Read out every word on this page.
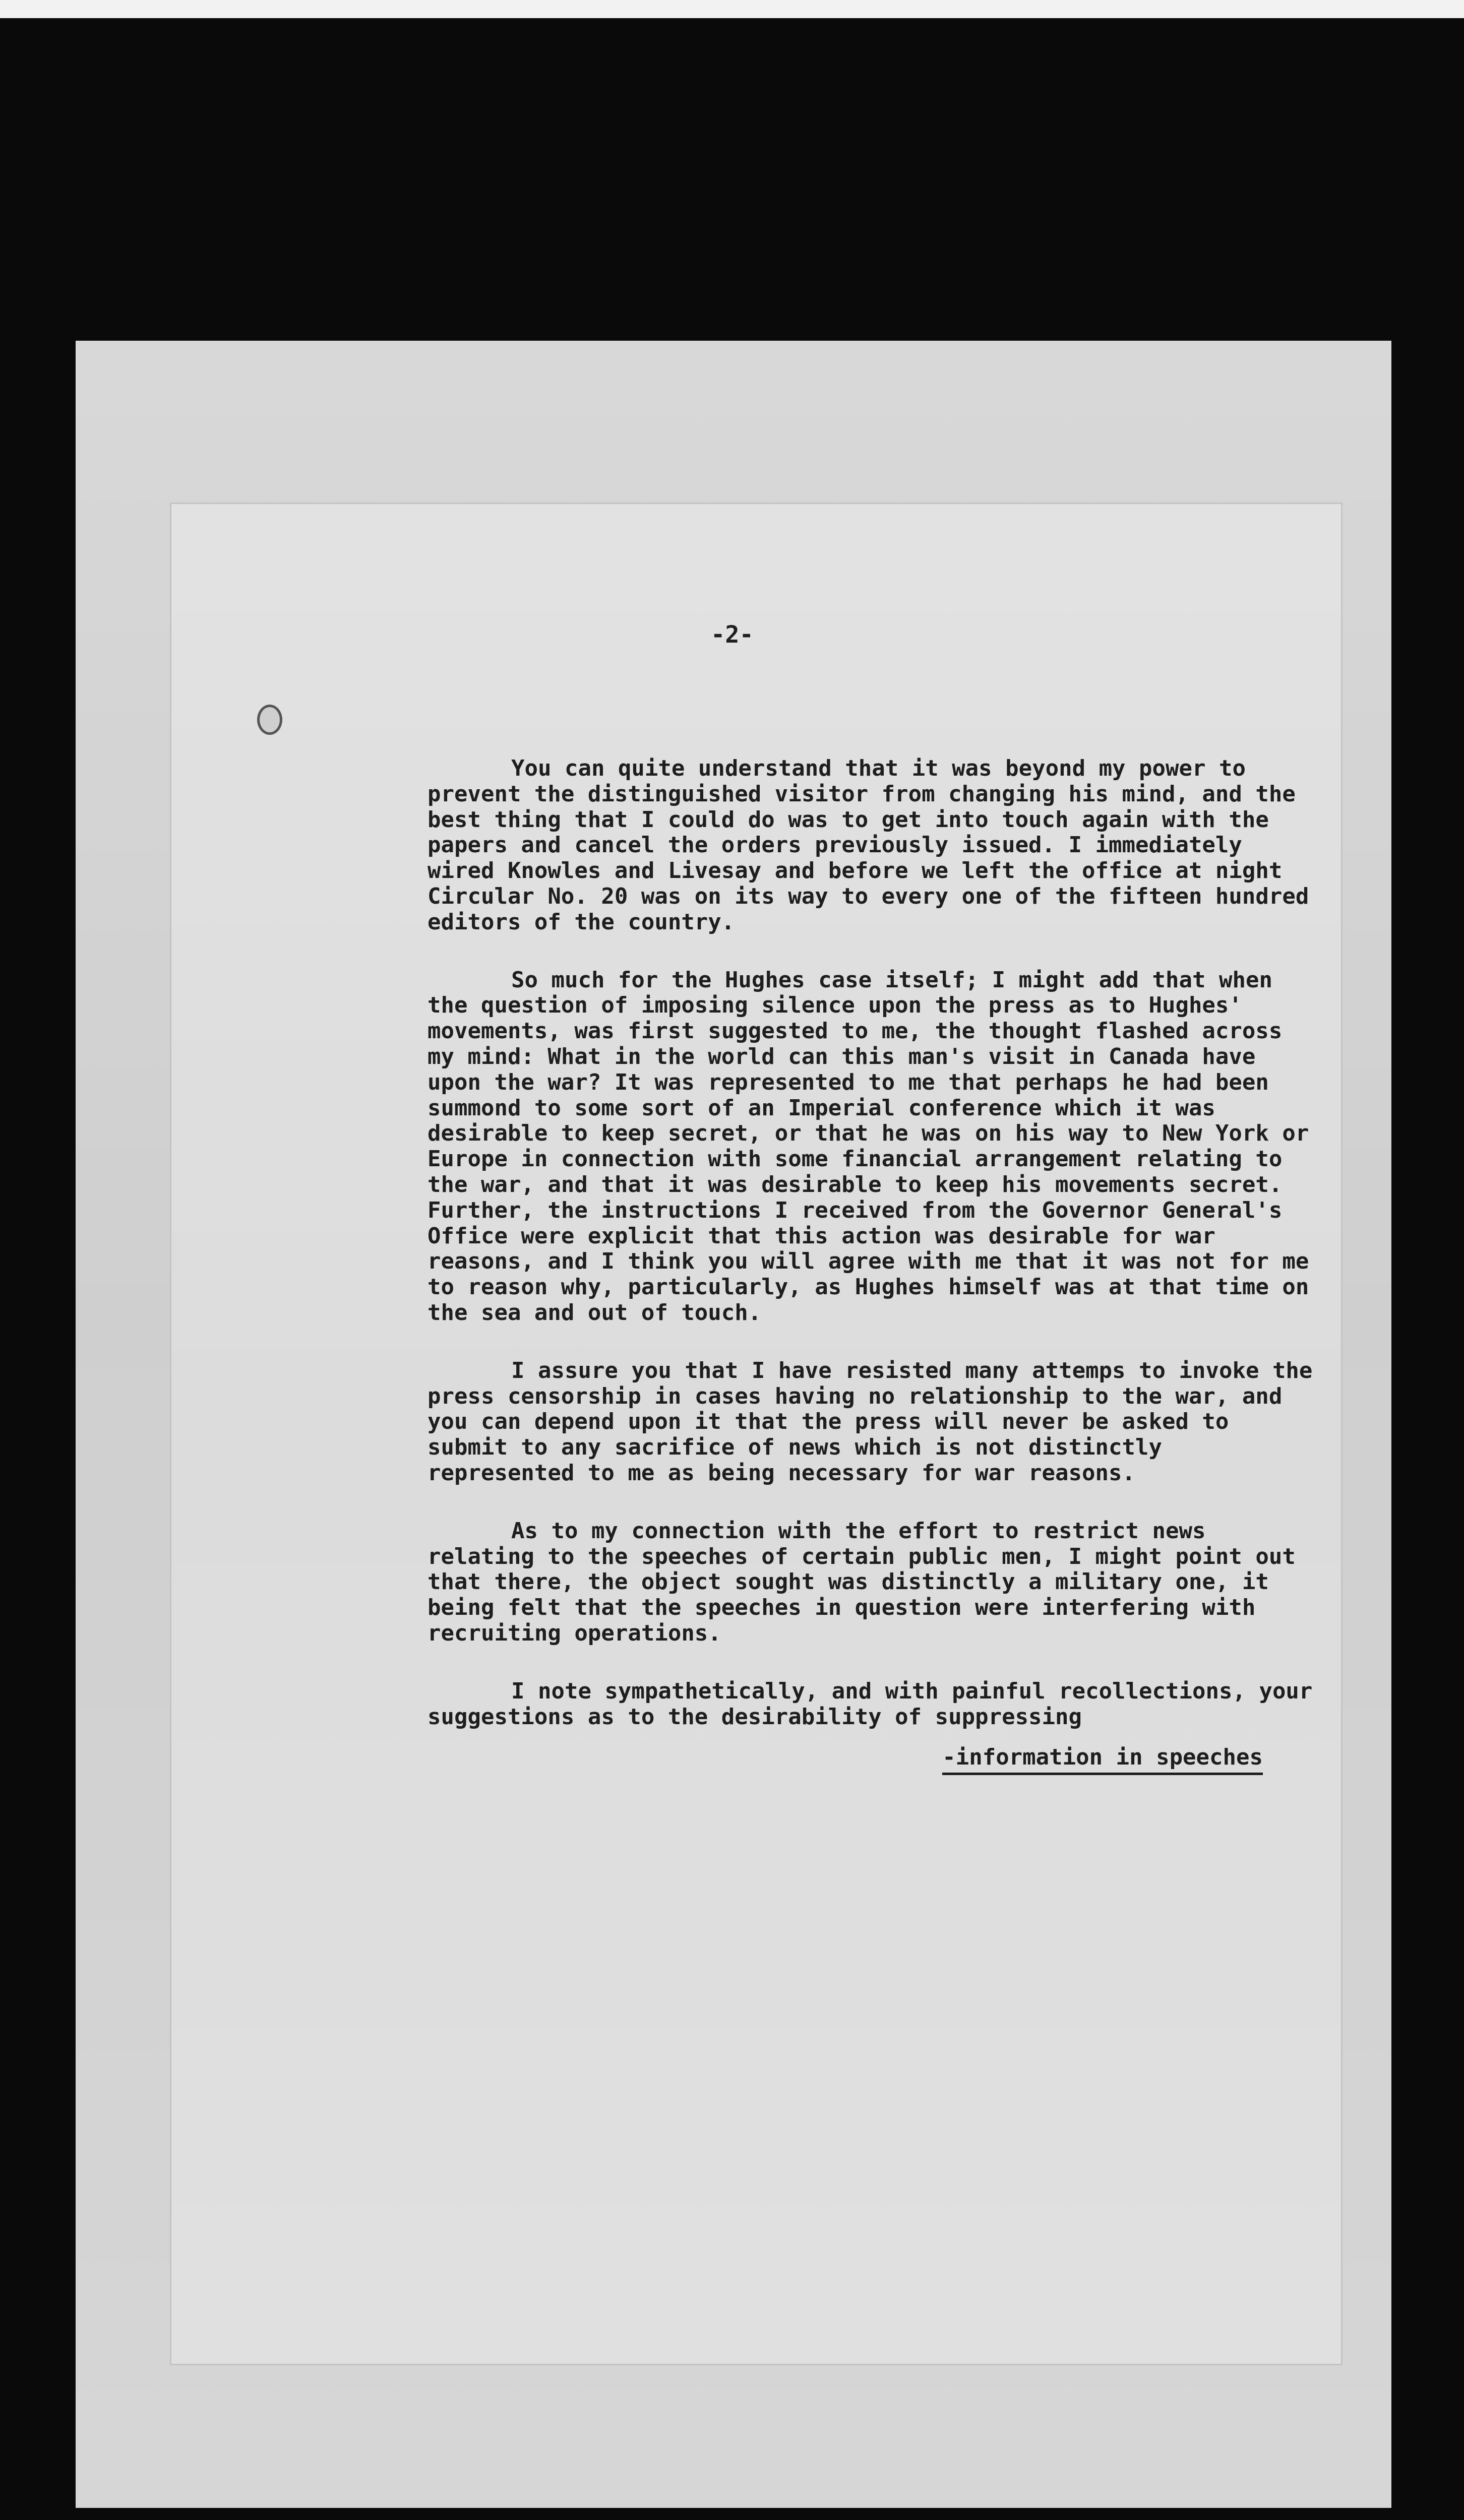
-2-

You can quite understand that it was beyond my power to prevent the distinguished visitor from changing his mind, and the best thing that I could do was to get into touch again with the papers and cancel the orders previously issued. I immediately wired Knowles and Livesay and before we left the office at night Circular No. 20 was on its way to every one of the fifteen hundred editors of the country.

So much for the Hughes case itself; I might add that when the question of imposing silence upon the press as to Hughes' movements, was first suggested to me, the thought flashed across my mind: What in the world can this man's visit in Canada have upon the war? It was represented to me that perhaps he had been summond to some sort of an Imperial conference which it was desirable to keep secret, or that he was on his way to New York or Europe in connection with some financial arrangement relating to the war, and that it was desirable to keep his movements secret. Further, the instructions I received from the Governor General's Office were explicit that this action was desirable for war reasons, and I think you will agree with me that it was not for me to reason why, particularly, as Hughes himself was at that time on the sea and out of touch.

I assure you that I have resisted many attemps to invoke the press censorship in cases having no relationship to the war, and you can depend upon it that the press will never be asked to submit to any sacrifice of news which is not distinctly represented to me as being necessary for war reasons.

As to my connection with the effort to restrict news relating to the speeches of certain public men, I might point out that there, the object sought was distinctly a military one, it being felt that the speeches in question were interfering with recruiting operations.

I note sympathetically, and with painful recollections, your suggestions as to the desirability of suppressing

-information in speeches
